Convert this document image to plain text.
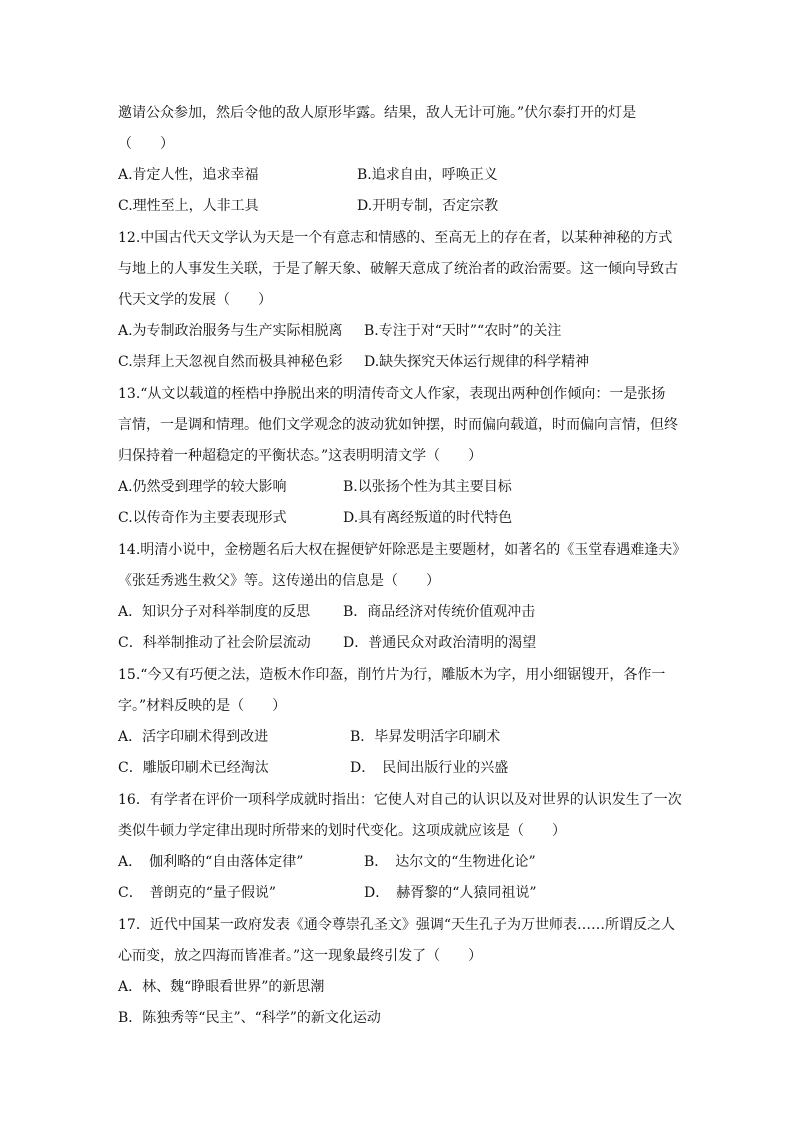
邀请公众参加，然后令他的敌人原形毕露。结果，敌人无计可施。”伏尔泰打开的灯是
（　　）
A.肯定人性，追求幸福	B.追求自由，呼唤正义
C.理性至上，人非工具	D.开明专制，否定宗教
12.中国古代天文学认为天是一个有意志和情感的、至高无上的存在者，以某种神秘的方式
与地上的人事发生关联，于是了解天象、破解天意成了统治者的政治需要。这一倾向导致古
代天文学的发展（　　）
A.为专制政治服务与生产实际相脱离 B.专注于对“天时”“农时”的关注
C.崇拜上天忽视自然而极具神秘色彩 D.缺失探究天体运行规律的科学精神
13.“从文以载道的桎梏中挣脱出来的明清传奇文人作家，表现出两种创作倾向：一是张扬
言情，一是调和情理。他们文学观念的波动犹如钟摆，时而偏向载道，时而偏向言情，但终
归保持着一种超稳定的平衡状态。”这表明明清文学（　　）
A.仍然受到理学的较大影响	B.以张扬个性为其主要目标
C.以传奇作为主要表现形式	D.具有离经叛道的时代特色
14.明清小说中，金榜题名后大权在握便铲奸除恶是主要题材，如著名的《玉堂春遇难逢夫》
《张廷秀逃生救父》等。这传递出的信息是（　　）
A．知识分子对科举制度的反思 B．商品经济对传统价值观冲击
C．科举制推动了社会阶层流动 D．普通民众对政治清明的渴望
15.“今又有巧便之法，造板木作印盔，削竹片为行，雕版木为字，用小细锯锼开，各作一
字。”材料反映的是（　　）
A．活字印刷术得到改进	B．毕昇发明活字印刷术
C．雕版印刷术已经淘汰	D．　民间出版行业的兴盛
16．有学者在评价一项科学成就时指出：它使人对自己的认识以及对世界的认识发生了一次
类似牛顿力学定律出现时所带来的划时代变化。这项成就应该是（　　）
A．　伽利略的“自由落体定律”	B．　达尔文的“生物进化论”
C．　普朗克的“量子假说”	D．　赫胥黎的“人猿同祖说”
17．近代中国某一政府发表《通令尊崇孔圣文》强调“天生孔子为万世师表……所谓反之人
心而变，放之四海而皆准者。”这一现象最终引发了（　　）
A．林、魏“睁眼看世界”的新思潮
B．陈独秀等“民主”、“科学”的新文化运动
